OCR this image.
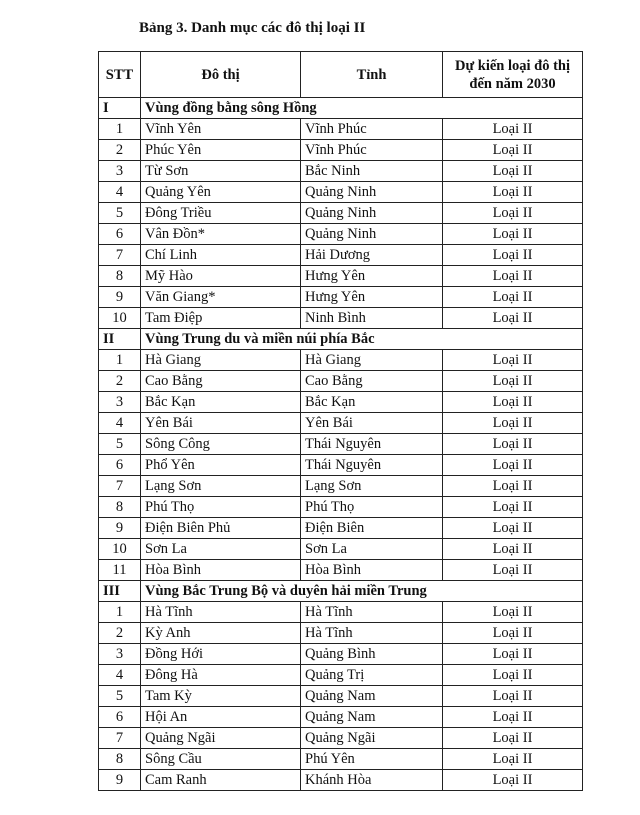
Bảng 3. Danh mục các đô thị loại II
STT	Đô thị	Tỉnh	Dự kiến loại đô thị
đến năm 2030

I	Vùng đồng bằng sông Hồng		
1	Vĩnh Yên	Vĩnh Phúc	Loại II
2	Phúc Yên	Vĩnh Phúc	Loại II
3	Từ Sơn	Bắc Ninh	Loại II
4	Quảng Yên	Quảng Ninh	Loại II
5	Đông Triều	Quảng Ninh	Loại II
6	Vân Đồn*	Quảng Ninh	Loại II
7	Chí Linh	Hải Dương	Loại II
8	Mỹ Hào	Hưng Yên	Loại II
9	Văn Giang*	Hưng Yên	Loại II
10	Tam Điệp	Ninh Bình	Loại II
II	Vùng Trung du và miền núi phía Bắc		
1	Hà Giang	Hà Giang	Loại II
2	Cao Bằng	Cao Bằng	Loại II
3	Bắc Kạn	Bắc Kạn	Loại II
4	Yên Bái	Yên Bái	Loại II
5	Sông Công	Thái Nguyên	Loại II
6	Phổ Yên	Thái Nguyên	Loại II
7	Lạng Sơn	Lạng Sơn	Loại II
8	Phú Thọ	Phú Thọ	Loại II
9	Điện Biên Phủ	Điện Biên	Loại II
10	Sơn La	Sơn La	Loại II
11	Hòa Bình	Hòa Bình	Loại II
III	Vùng Bắc Trung Bộ và duyên hải miền Trung		
1	Hà Tĩnh	Hà Tĩnh	Loại II
2	Kỳ Anh	Hà Tĩnh	Loại II
3	Đồng Hới	Quảng Bình	Loại II
4	Đông Hà	Quảng Trị	Loại II
5	Tam Kỳ	Quảng Nam	Loại II
6	Hội An	Quảng Nam	Loại II
7	Quảng Ngãi	Quảng Ngãi	Loại II
8	Sông Cầu	Phú Yên	Loại II
9	Cam Ranh	Khánh Hòa	Loại II
